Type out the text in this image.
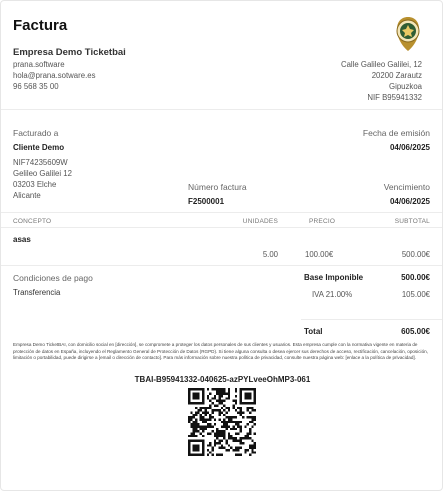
Factura
Empresa Demo Ticketbai
prana.software
hola@prana.sotware.es
96 568 35 00
Calle Galileo Galilei, 12
20200 Zarautz
Gipuzkoa
NIF B95941332
Facturado a	Fecha de emisión
Cliente Demo	04/06/2025
NIF74235609W
Gelileo Galilei 12
03203 Elche
Alicante
Número factura
F2500001
Vencimiento
04/06/2025
CONCEPTO	UNIDADES	PRECIO	SUBTOTAL
asas
5.00	100.00€	500.00€
Condiciones de pago
Transferencia
Base Imponible	500.00€
IVA 21.00%	105.00€
Total	605.00€
Empresa Demo TicketBAI, con domicilio social en [dirección], se compromete a proteger los datos personales de sus clientes y usuarios. Esta empresa cumple con la normativa vigente en materia de protección de datos en España, incluyendo el Reglamento General de Protección de Datos (RGPD). Si tiene alguna consulta o desea ejercer sus derechos de acceso, rectificación, cancelación, oposición, limitación o portabilidad, puede dirigirse a [email o dirección de contacto]. Para más información sobre nuestra política de privacidad, consulte nuestra página web: [enlace a la política de privacidad].
TBAI-B95941332-040625-azPYLveeOhMP3-061
